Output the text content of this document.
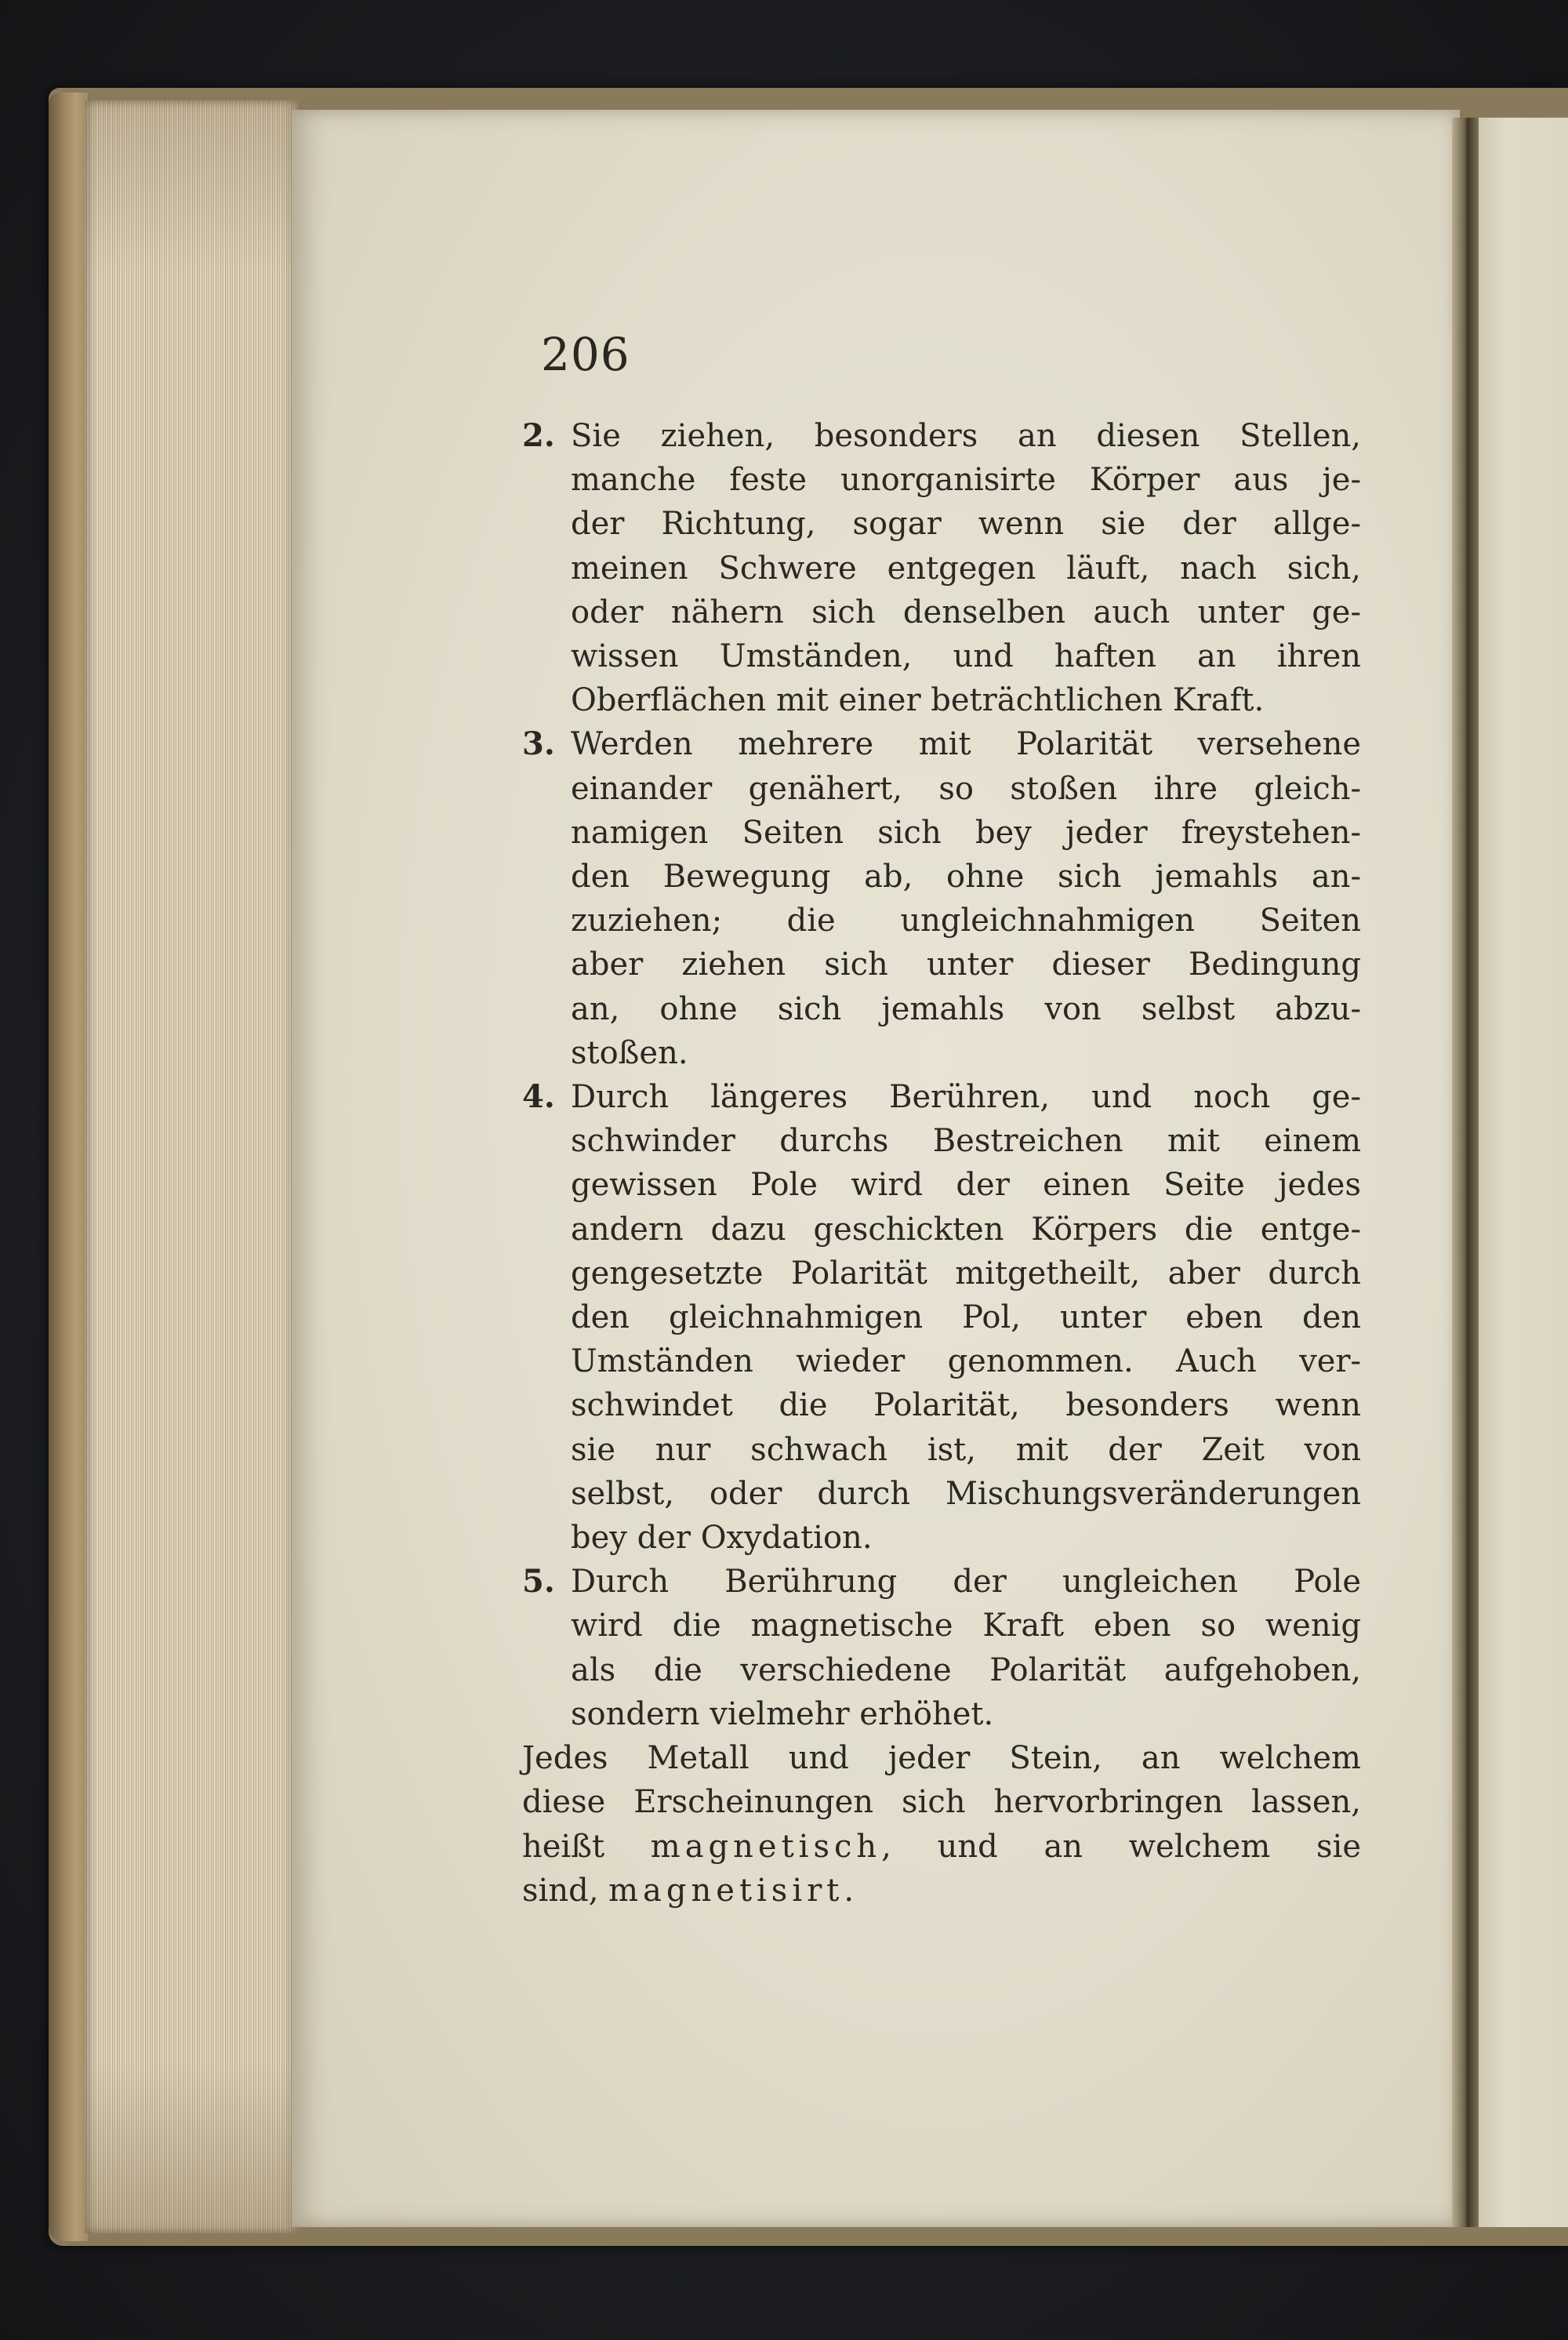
206
2. Sie ziehen, besonders an diesen Stellen,
manche feste unorganisirte Körper aus je-
der Richtung, sogar wenn sie der allge-
meinen Schwere entgegen läuft, nach sich,
oder nähern sich denselben auch unter ge-
wissen Umständen, und haften an ihren
Oberflächen mit einer beträchtlichen Kraft.
3. Werden mehrere mit Polarität versehene
einander genähert, so stoßen ihre gleich-
namigen Seiten sich bey jeder freystehen-
den Bewegung ab, ohne sich jemahls an-
zuziehen; die ungleichnahmigen Seiten
aber ziehen sich unter dieser Bedingung
an, ohne sich jemahls von selbst abzu-
stoßen.
4. Durch längeres Berühren, und noch ge-
schwinder durchs Bestreichen mit einem
gewissen Pole wird der einen Seite jedes
andern dazu geschickten Körpers die entge-
gengesetzte Polarität mitgetheilt, aber durch
den gleichnahmigen Pol, unter eben den
Umständen wieder genommen. Auch ver-
schwindet die Polarität, besonders wenn
sie nur schwach ist, mit der Zeit von
selbst, oder durch Mischungsveränderungen
bey der Oxydation.
5. Durch Berührung der ungleichen Pole
wird die magnetische Kraft eben so wenig
als die verschiedene Polarität aufgehoben,
sondern vielmehr erhöhet.
Jedes Metall und jeder Stein, an welchem
diese Erscheinungen sich hervorbringen lassen,
heißt magnetisch, und an welchem sie
sind, magnetisirt.
